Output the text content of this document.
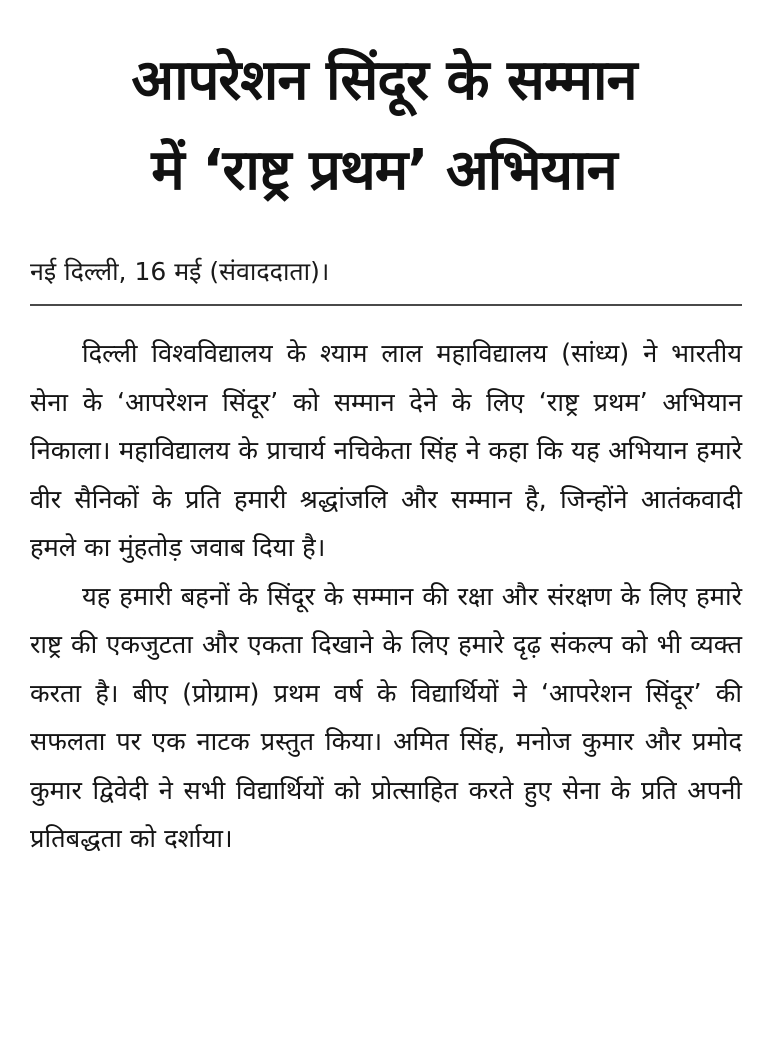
आपरेशन सिंदूर के सम्मान
में ‘राष्ट्र प्रथम’ अभियान
नई दिल्ली, 16 मई (संवाददाता)।

दिल्ली विश्वविद्यालय के श्याम लाल महाविद्यालय (सांध्य) ने भारतीय सेना के ‘आपरेशन सिंदूर’ को सम्मान देने के लिए ‘राष्ट्र प्रथम’ अभियान निकाला। महाविद्यालय के प्राचार्य नचिकेता सिंह ने कहा कि यह अभियान हमारे वीर सैनिकों के प्रति हमारी श्रद्धांजलि और सम्मान है, जिन्होंने आतंकवादी हमले का मुंहतोड़ जवाब दिया है।

यह हमारी बहनों के सिंदूर के सम्मान की रक्षा और संरक्षण के लिए हमारे राष्ट्र की एकजुटता और एकता दिखाने के लिए हमारे दृढ़ संकल्प को भी व्यक्त करता है। बीए (प्रोग्राम) प्रथम वर्ष के विद्यार्थियों ने ‘आपरेशन सिंदूर’ की सफलता पर एक नाटक प्रस्तुत किया। अमित सिंह, मनोज कुमार और प्रमोद कुमार द्विवेदी ने सभी विद्यार्थियों को प्रोत्साहित करते हुए सेना के प्रति अपनी प्रतिबद्धता को दर्शाया।
